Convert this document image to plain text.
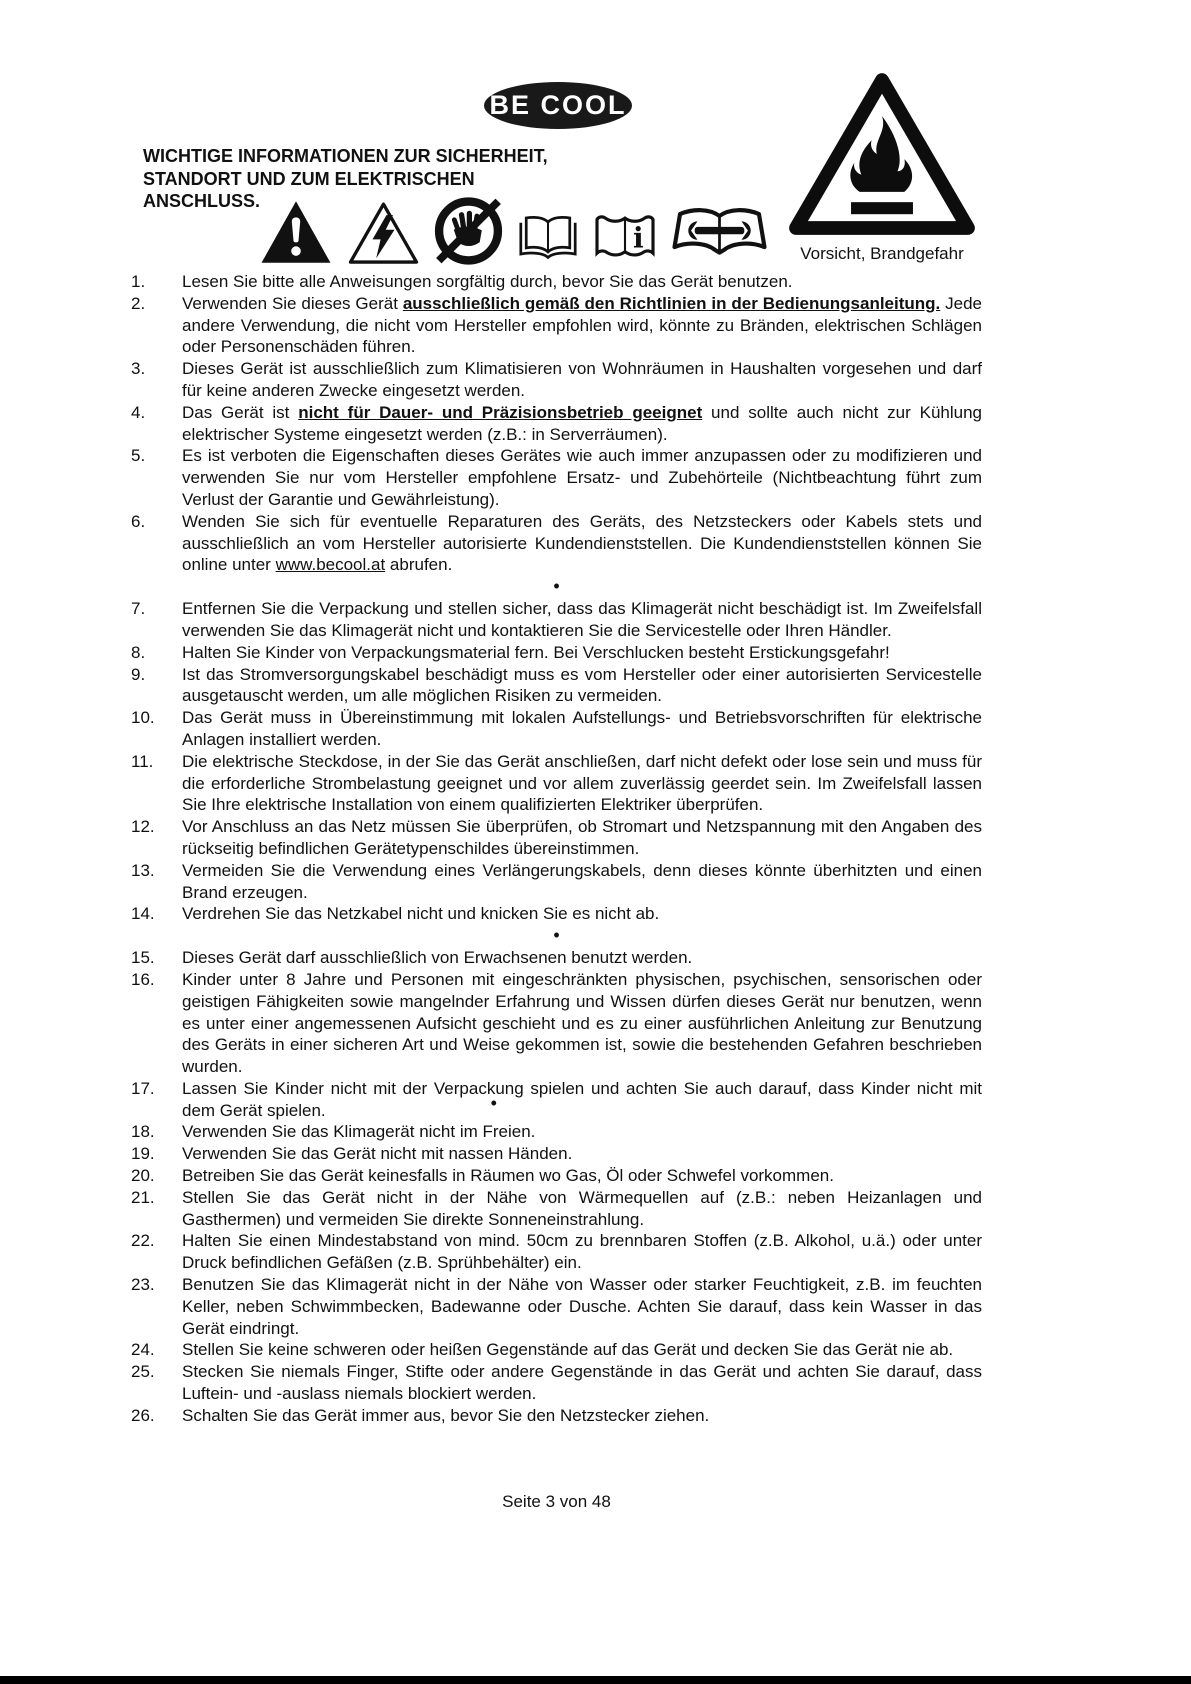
BE COOL
WICHTIGE INFORMATIONEN ZUR SICHERHEIT,
STANDORT UND ZUM ELEKTRISCHEN
ANSCHLUSS.
i	Vorsicht, Brandgefahr
1.	Lesen Sie bitte alle Anweisungen sorgfältig durch, bevor Sie das Gerät benutzen.
2.	Verwenden Sie dieses Gerät ausschließlich gemäß den Richtlinien in der Bedienungsanleitung. Jede andere Verwendung, die nicht vom Hersteller empfohlen wird, könnte zu Bränden, elektrischen Schlägen oder Personenschäden führen.
3.	Dieses Gerät ist ausschließlich zum Klimatisieren von Wohnräumen in Haushalten vorgesehen und darf für keine anderen Zwecke eingesetzt werden.
4.	Das Gerät ist nicht für Dauer- und Präzisionsbetrieb geeignet und sollte auch nicht zur Kühlung elektrischer Systeme eingesetzt werden (z.B.: in Serverräumen).
5.	Es ist verboten die Eigenschaften dieses Gerätes wie auch immer anzupassen oder zu modifizieren und verwenden Sie nur vom Hersteller empfohlene Ersatz- und Zubehörteile (Nichtbeachtung führt zum Verlust der Garantie und Gewährleistung).
6.	Wenden Sie sich für eventuelle Reparaturen des Geräts, des Netzsteckers oder Kabels stets und ausschließlich an vom Hersteller autorisierte Kundendienststellen. Die Kundendienststellen können Sie online unter www.becool.at abrufen.
•
7.	Entfernen Sie die Verpackung und stellen sicher, dass das Klimagerät nicht beschädigt ist. Im Zweifelsfall verwenden Sie das Klimagerät nicht und kontaktieren Sie die Servicestelle oder Ihren Händler.
8.	Halten Sie Kinder von Verpackungsmaterial fern. Bei Verschlucken besteht Erstickungsgefahr!
9.	Ist das Stromversorgungskabel beschädigt muss es vom Hersteller oder einer autorisierten Servicestelle ausgetauscht werden, um alle möglichen Risiken zu vermeiden.
10.	Das Gerät muss in Übereinstimmung mit lokalen Aufstellungs- und Betriebsvorschriften für elektrische Anlagen installiert werden.
11.	Die elektrische Steckdose, in der Sie das Gerät anschließen, darf nicht defekt oder lose sein und muss für die erforderliche Strombelastung geeignet und vor allem zuverlässig geerdet sein. Im Zweifelsfall lassen Sie Ihre elektrische Installation von einem qualifizierten Elektriker überprüfen.
12.	Vor Anschluss an das Netz müssen Sie überprüfen, ob Stromart und Netzspannung mit den Angaben des rückseitig befindlichen Gerätetypenschildes übereinstimmen.
13.	Vermeiden Sie die Verwendung eines Verlängerungskabels, denn dieses könnte überhitzten und einen Brand erzeugen.
14.	Verdrehen Sie das Netzkabel nicht und knicken Sie es nicht ab.
•
15.	Dieses Gerät darf ausschließlich von Erwachsenen benutzt werden.
16.	Kinder unter 8 Jahre und Personen mit eingeschränkten physischen, psychischen, sensorischen oder geistigen Fähigkeiten sowie mangelnder Erfahrung und Wissen dürfen dieses Gerät nur benutzen, wenn es unter einer angemessenen Aufsicht geschieht und es zu einer ausführlichen Anleitung zur Benutzung des Geräts in einer sicheren Art und Weise gekommen ist, sowie die bestehenden Gefahren beschrieben wurden.
17.	Lassen Sie Kinder nicht mit der Verpackung spielen und achten Sie auch darauf, dass Kinder nicht mit dem Gerät spielen.	•
18.	Verwenden Sie das Klimagerät nicht im Freien.
19.	Verwenden Sie das Gerät nicht mit nassen Händen.
20.	Betreiben Sie das Gerät keinesfalls in Räumen wo Gas, Öl oder Schwefel vorkommen.
21.	Stellen Sie das Gerät nicht in der Nähe von Wärmequellen auf (z.B.: neben Heizanlagen und Gasthermen) und vermeiden Sie direkte Sonneneinstrahlung.
22.	Halten Sie einen Mindestabstand von mind. 50cm zu brennbaren Stoffen (z.B. Alkohol, u.ä.) oder unter Druck befindlichen Gefäßen (z.B. Sprühbehälter) ein.
23.	Benutzen Sie das Klimagerät nicht in der Nähe von Wasser oder starker Feuchtigkeit, z.B. im feuchten Keller, neben Schwimmbecken, Badewanne oder Dusche. Achten Sie darauf, dass kein Wasser in das Gerät eindringt.
24.	Stellen Sie keine schweren oder heißen Gegenstände auf das Gerät und decken Sie das Gerät nie ab.
25.	Stecken Sie niemals Finger, Stifte oder andere Gegenstände in das Gerät und achten Sie darauf, dass Luftein- und -auslass niemals blockiert werden.
26.	Schalten Sie das Gerät immer aus, bevor Sie den Netzstecker ziehen.
Seite 3 von 48
